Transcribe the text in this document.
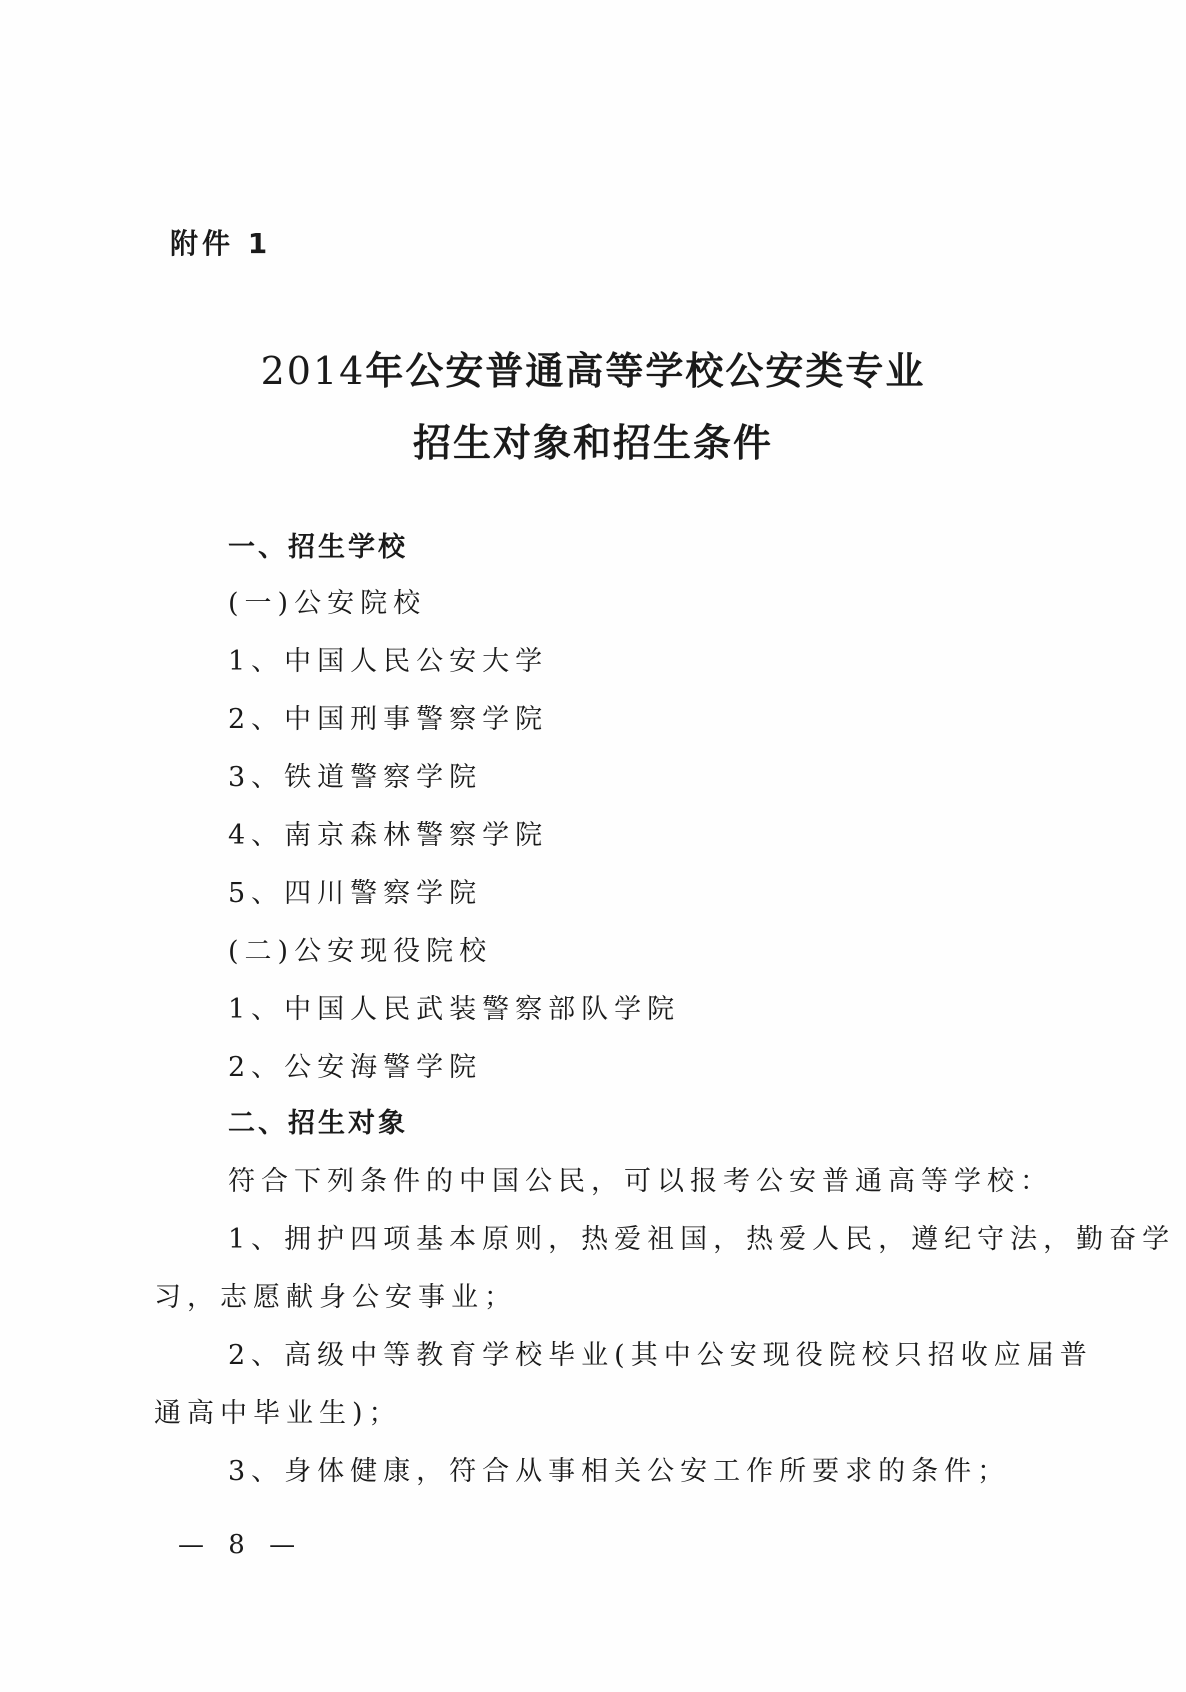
附件 1
2014年公安普通高等学校公安类专业
招生对象和招生条件
一、招生学校
(一)公安院校
1、中国人民公安大学
2、中国刑事警察学院
3、铁道警察学院
4、南京森林警察学院
5、四川警察学院
(二)公安现役院校
1、中国人民武装警察部队学院
2、公安海警学院
二、招生对象
符合下列条件的中国公民，可以报考公安普通高等学校：
1、拥护四项基本原则，热爱祖国，热爱人民，遵纪守法，勤奋学
习，志愿献身公安事业；
2、高级中等教育学校毕业(其中公安现役院校只招收应届普
通高中毕业生)；
3、身体健康，符合从事相关公安工作所要求的条件；
— 8 —
